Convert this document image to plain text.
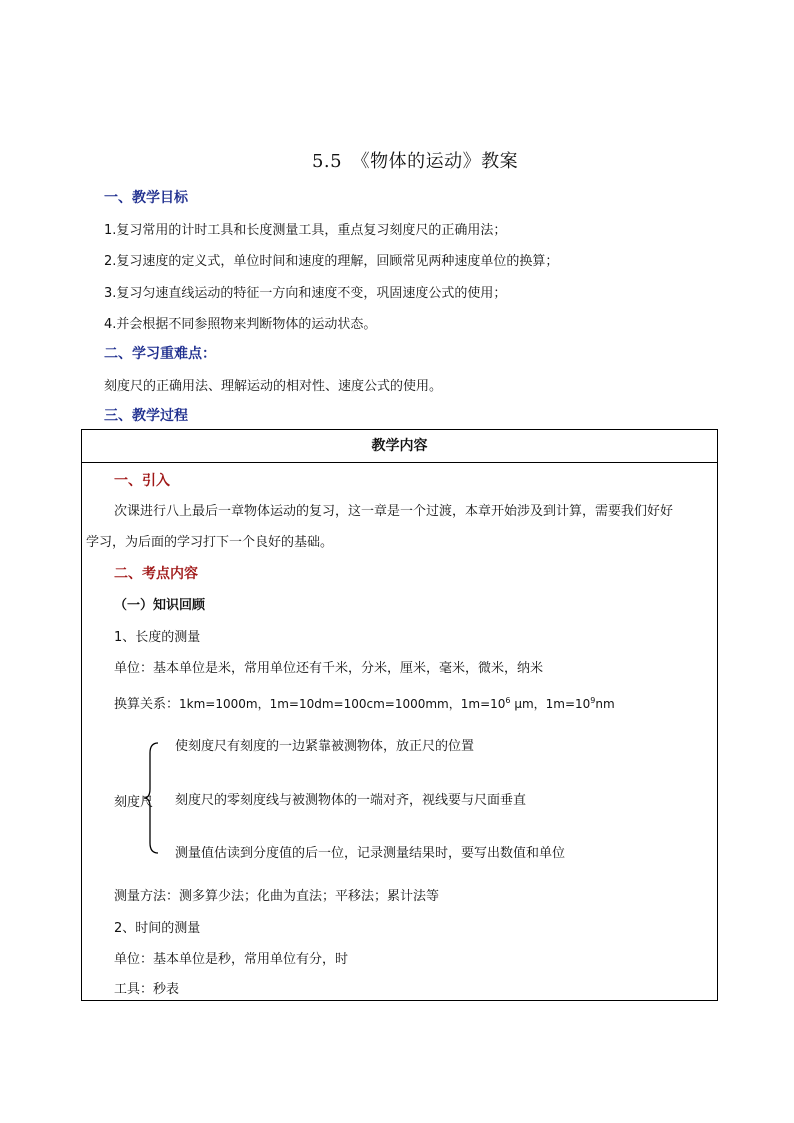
5.5　《物体的运动》教案
一、教学目标
1.复习常用的计时工具和长度测量工具，重点复习刻度尺的正确用法；
2.复习速度的定义式，单位时间和速度的理解，回顾常见两种速度单位的换算；
3.复习匀速直线运动的特征一方向和速度不变，巩固速度公式的使用；
4.并会根据不同参照物来判断物体的运动状态。
二、学习重难点：
刻度尺的正确用法、理解运动的相对性、速度公式的使用。
三、教学过程
教学内容
一、引入
次课进行八上最后一章物体运动的复习，这一章是一个过渡，本章开始涉及到计算，需要我们好好
学习，为后面的学习打下一个良好的基础。
二、考点内容
（一）知识回顾
1、长度的测量
单位：基本单位是米，常用单位还有千米，分米，厘米，毫米，微米，纳米
换算关系：1km=1000m，1m=10dm=100cm=1000mm，$1m=10^6$ μm，$1m=10^9nm$
刻度尺
使刻度尺有刻度的一边紧靠被测物体，放正尺的位置
刻度尺的零刻度线与被测物体的一端对齐，视线要与尺面垂直
测量值估读到分度值的后一位，记录测量结果时，要写出数值和单位
测量方法：测多算少法；化曲为直法；平移法；累计法等
2、时间的测量
单位：基本单位是秒，常用单位有分，时
工具：秒表
